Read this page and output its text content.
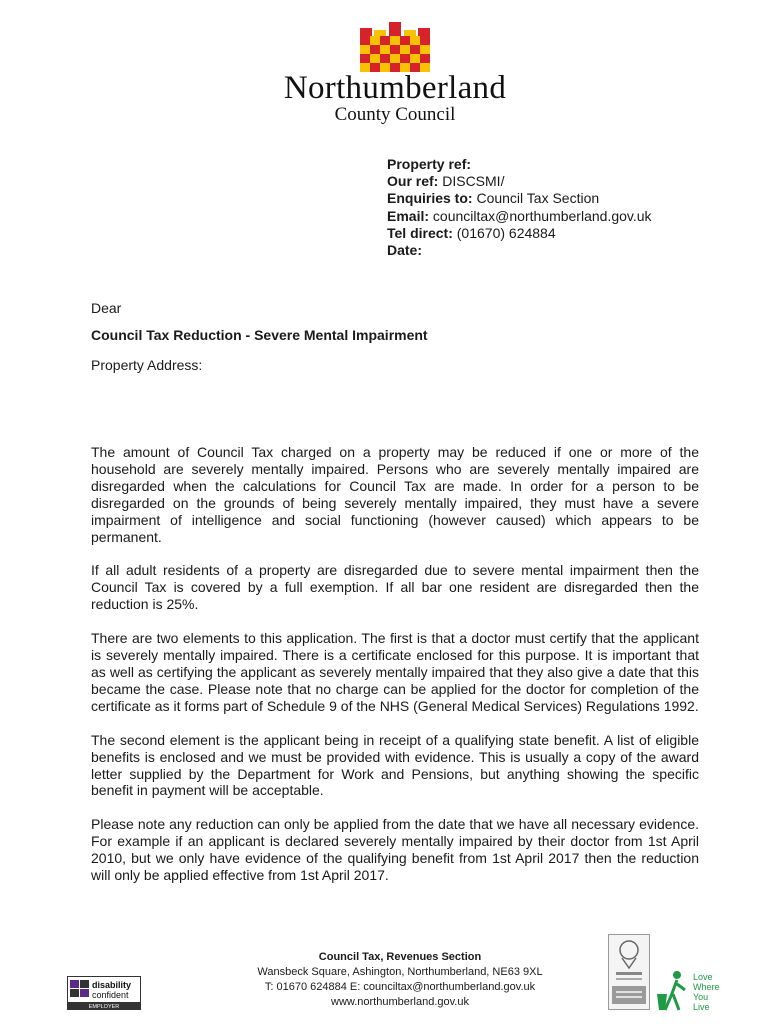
Northumberland
County Council
Property ref:
Our ref: DISCSMI/
Enquiries to: Council Tax Section
Email: counciltax@northumberland.gov.uk
Tel direct: (01670) 624884
Date:
Dear
Council Tax Reduction - Severe Mental Impairment
Property Address:

The amount of Council Tax charged on a property may be reduced if one or more of the household are severely mentally impaired. Persons who are severely mentally impaired are disregarded when the calculations for Council Tax are made. In order for a person to be disregarded on the grounds of being severely mentally impaired, they must have a severe impairment of intelligence and social functioning (however caused) which appears to be permanent.

If all adult residents of a property are disregarded due to severe mental impairment then the Council Tax is covered by a full exemption. If all bar one resident are disregarded then the reduction is 25%.

There are two elements to this application. The first is that a doctor must certify that the applicant is severely mentally impaired. There is a certificate enclosed for this purpose. It is important that as well as certifying the applicant as severely mentally impaired that they also give a date that this became the case. Please note that no charge can be applied for the doctor for completion of the certificate as it forms part of Schedule 9 of the NHS (General Medical Services) Regulations 1992.

The second element is the applicant being in receipt of a qualifying state benefit. A list of eligible benefits is enclosed and we must be provided with evidence. This is usually a copy of the award letter supplied by the Department for Work and Pensions, but anything showing the specific benefit in payment will be acceptable.

Please note any reduction can only be applied from the date that we have all necessary evidence. For example if an applicant is declared severely mentally impaired by their doctor from 1st April 2010, but we only have evidence of the qualifying benefit from 1st April 2017 then the reduction will only be applied effective from 1st April 2017.

Council Tax, Revenues Section
Wansbeck Square, Ashington, Northumberland, NE63 9XL
T: 01670 624884 E: counciltax@northumberland.gov.uk
www.northumberland.gov.uk
disability
confident
EMPLOYER
Love
Where
You
Live
